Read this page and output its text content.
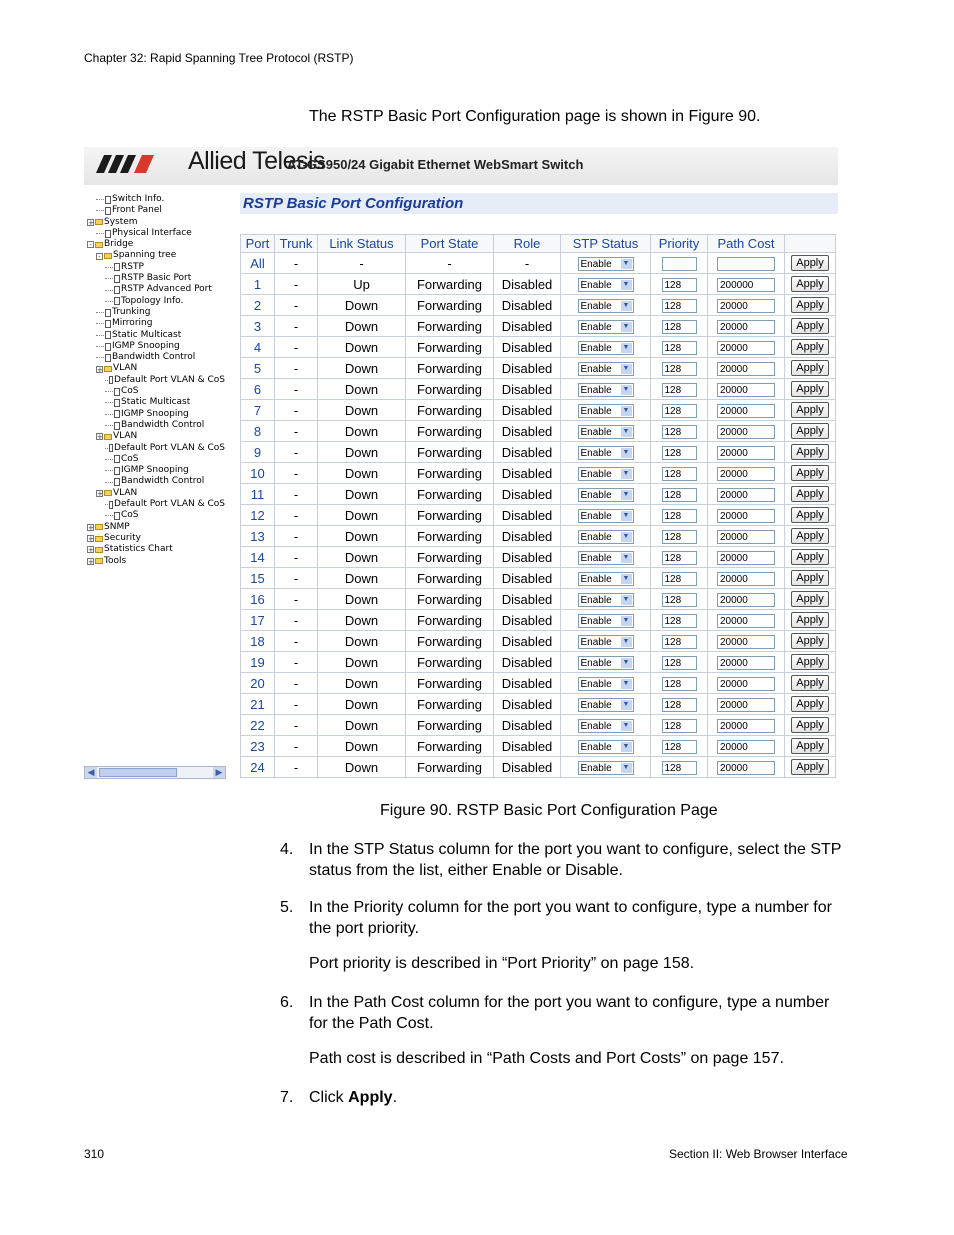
Chapter 32: Rapid Spanning Tree Protocol (RSTP)
The RSTP Basic Port Configuration page is shown in Figure 90.
Allied Telesis
AT-GS950/24 Gigabit Ethernet WebSmart Switch
Switch Info.
Front Panel
+ System
Physical Interface
- Bridge
- Spanning tree
RSTP
RSTP Basic Port
RSTP Advanced Port
Topology Info.
Trunking
Mirroring
Static Multicast
IGMP Snooping
Bandwidth Control
+ VLAN
Default Port VLAN & CoS
CoS
Static Multicast
IGMP Snooping
Bandwidth Control
+ VLAN
Default Port VLAN & CoS
CoS
IGMP Snooping
Bandwidth Control
+ VLAN
Default Port VLAN & CoS
CoS
+ SNMP
+ Security
+ Statistics Chart
+ Tools
◀	▶
RSTP Basic Port Configuration
Port	Trunk	Link Status	Port State	Role	STP Status	Priority	Path Cost	
All	-	-	-	-	Enable ▼			Apply
1	-	Up	Forwarding	Disabled	Enable ▼	128	200000	Apply
2	-	Down	Forwarding	Disabled	Enable ▼	128	20000	Apply
3	-	Down	Forwarding	Disabled	Enable ▼	128	20000	Apply
4	-	Down	Forwarding	Disabled	Enable ▼	128	20000	Apply
5	-	Down	Forwarding	Disabled	Enable ▼	128	20000	Apply
6	-	Down	Forwarding	Disabled	Enable ▼	128	20000	Apply
7	-	Down	Forwarding	Disabled	Enable ▼	128	20000	Apply
8	-	Down	Forwarding	Disabled	Enable ▼	128	20000	Apply
9	-	Down	Forwarding	Disabled	Enable ▼	128	20000	Apply
10	-	Down	Forwarding	Disabled	Enable ▼	128	20000	Apply
11	-	Down	Forwarding	Disabled	Enable ▼	128	20000	Apply
12	-	Down	Forwarding	Disabled	Enable ▼	128	20000	Apply
13	-	Down	Forwarding	Disabled	Enable ▼	128	20000	Apply
14	-	Down	Forwarding	Disabled	Enable ▼	128	20000	Apply
15	-	Down	Forwarding	Disabled	Enable ▼	128	20000	Apply
16	-	Down	Forwarding	Disabled	Enable ▼	128	20000	Apply
17	-	Down	Forwarding	Disabled	Enable ▼	128	20000	Apply
18	-	Down	Forwarding	Disabled	Enable ▼	128	20000	Apply
19	-	Down	Forwarding	Disabled	Enable ▼	128	20000	Apply
20	-	Down	Forwarding	Disabled	Enable ▼	128	20000	Apply
21	-	Down	Forwarding	Disabled	Enable ▼	128	20000	Apply
22	-	Down	Forwarding	Disabled	Enable ▼	128	20000	Apply
23	-	Down	Forwarding	Disabled	Enable ▼	128	20000	Apply
24	-	Down	Forwarding	Disabled	Enable ▼	128	20000	Apply
Figure 90. RSTP Basic Port Configuration Page
4. In the STP Status column for the port you want to configure, select the STP status from the list, either Enable or Disable.
5. In the Priority column for the port you want to configure, type a number for the port priority.
Port priority is described in “Port Priority” on page 158.
6. In the Path Cost column for the port you want to configure, type a number for the Path Cost.
Path cost is described in “Path Costs and Port Costs” on page 157.
7. Click Apply.
310	Section II: Web Browser Interface
